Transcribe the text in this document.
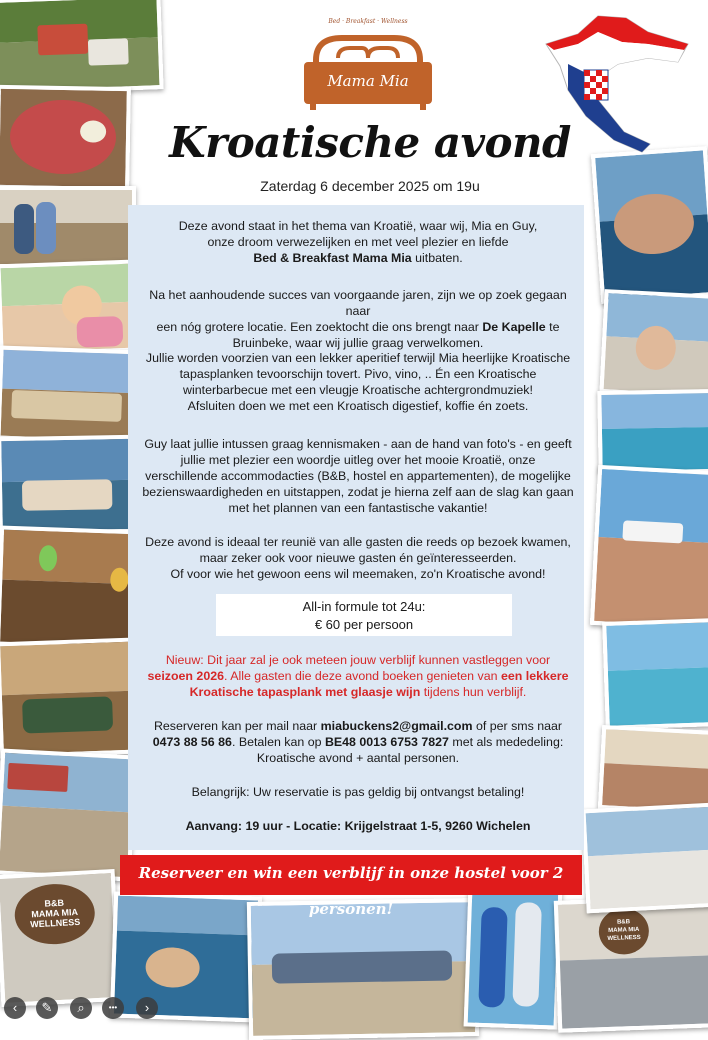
B&B
MAMA MIA
WELLNESS	B&B
MAMA MIA
WELLNESS
Bed · Breakfast · Wellness
Mama Mia
Kroatische avond
Zaterdag 6 december 2025 om 19u
Deze avond staat in het thema van Kroatië, waar wij, Mia en Guy,
onze droom verwezelijken en met veel plezier en liefde
Bed & Breakfast Mama Mia uitbaten.
Na het aanhoudende succes van voorgaande jaren, zijn we op zoek gegaan naar
een nóg grotere locatie. Een zoektocht die ons brengt naar De Kapelle te
Bruinbeke, waar wij jullie graag verwelkomen.
Jullie worden voorzien van een lekker aperitief terwijl Mia heerlijke Kroatische
tapasplanken tevoorschijn tovert. Pivo, vino, .. Én een Kroatische
winterbarbecue met een vleugje Kroatische achtergrondmuziek!
Afsluiten doen we met een Kroatisch digestief, koffie én zoets.
Guy laat jullie intussen graag kennismaken - aan de hand van foto's - en geeft
jullie met plezier een woordje uitleg over het mooie Kroatië, onze
verschillende accommodacties (B&B, hostel en appartementen), de mogelijke
bezienswaardigheden en uitstappen, zodat je hierna zelf aan de slag kan gaan
met het plannen van een fantastische vakantie!
Deze avond is ideaal ter reunië van alle gasten die reeds op bezoek kwamen,
maar zeker ook voor nieuwe gasten én geïnteresseerden.
Of voor wie het gewoon eens wil meemaken, zo'n Kroatische avond!
All-in formule tot 24u:
€ 60 per persoon
Nieuw: Dit jaar zal je ook meteen jouw verblijf kunnen vastleggen voor
seizoen 2026. Alle gasten die deze avond boeken genieten van een lekkere
Kroatische tapasplank met glaasje wijn tijdens hun verblijf.
Reserveren kan per mail naar miabuckens2@gmail.com of per sms naar
0473 88 56 86. Betalen kan op BE48 0013 6753 7827 met als mededeling:
Kroatische avond + aantal personen.
Belangrijk: Uw reservatie is pas geldig bij ontvangst betaling!
Aanvang: 19 uur - Locatie: Krijgelstraat 1-5, 9260 Wichelen
Reserveer en win een verblijf in onze hostel voor 2 personen!
‹	✎	⌕	•••	›
